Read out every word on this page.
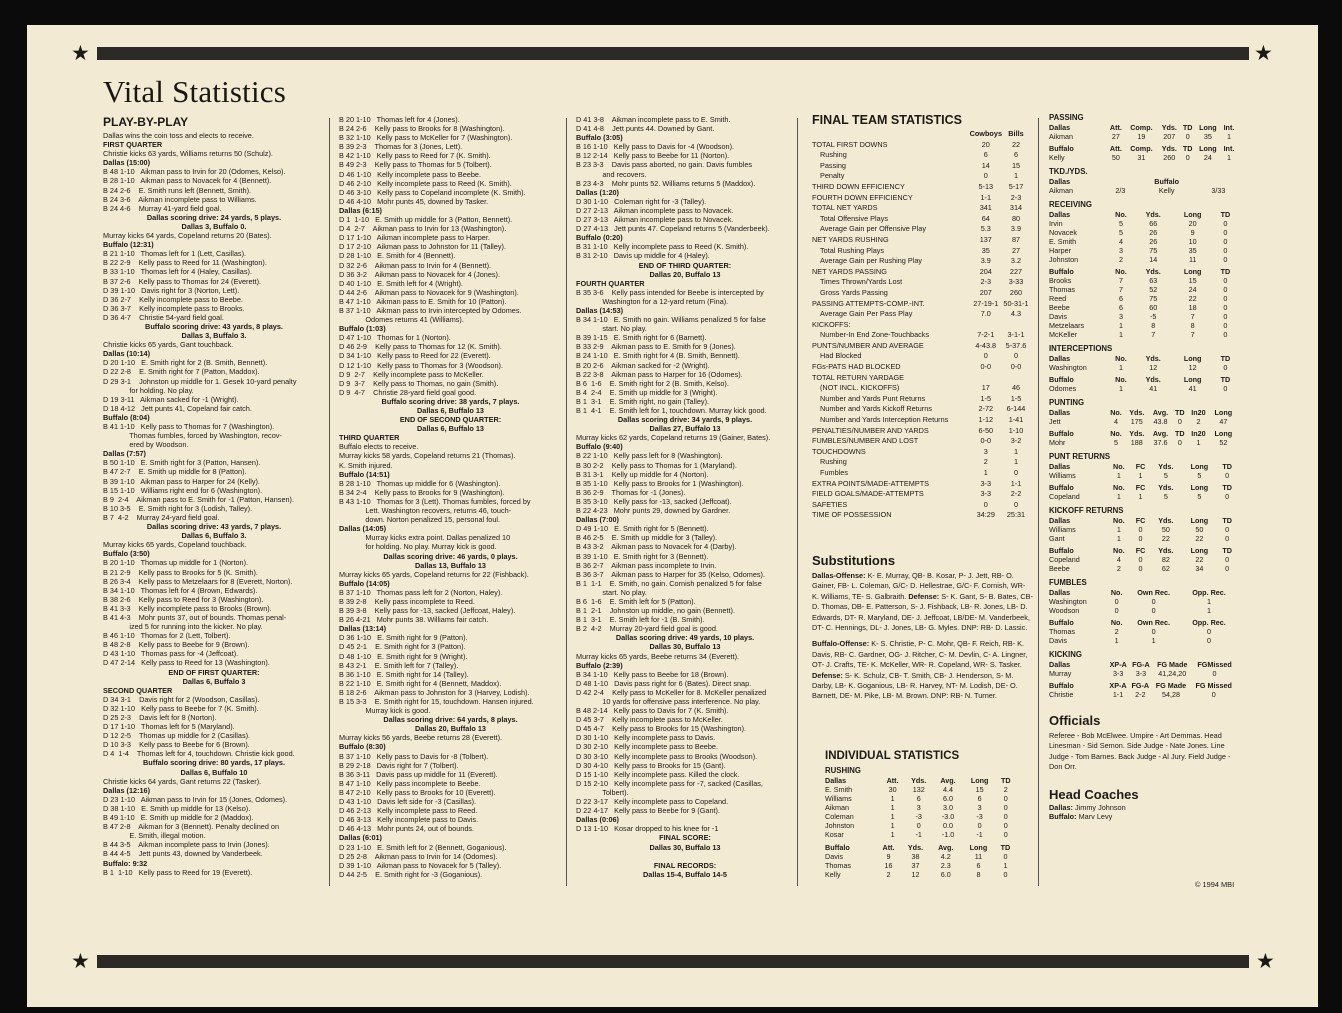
★	★
★	★
Vital Statistics
PLAY-BY-PLAY
Dallas wins the coin toss and elects to receive.
FIRST QUARTER
Christie kicks 63 yards, Williams returns 50 (Schulz).
Dallas (15:00)
B 48 1-10   Aikman pass to Irvin for 20 (Odomes, Kelso).
B 28 1-10   Aikman pass to Novacek for 4 (Bennett).
B 24 2-6    E. Smith runs left (Bennett, Smith).
B 24 3-6    Aikman incomplete pass to Williams.
B 24 4-6    Murray 41-yard field goal.
Dallas scoring drive: 24 yards, 5 plays.
Dallas 3, Buffalo 0.
Murray kicks 64 yards, Copeland returns 20 (Bates).
Buffalo (12:31)
B 21 1-10   Thomas left for 1 (Lett, Casillas).
B 22 2-9    Kelly pass to Reed for 11 (Washington).
B 33 1-10   Thomas left for 4 (Haley, Casillas).
B 37 2-6    Kelly pass to Thomas for 24 (Everett).
D 39 1-10   Davis right for 3 (Norton, Lett).
D 36 2-7    Kelly incomplete pass to Beebe.
D 36 3-7    Kelly incomplete pass to Brooks.
D 36 4-7    Christie 54-yard field goal.
Buffalo scoring drive: 43 yards, 8 plays.
Dallas 3, Buffalo 3.
Christie kicks 65 yards, Gant touchback.
Dallas (10:14)
D 20 1-10   E. Smith right for 2 (B. Smith, Bennett).
D 22 2-8    E. Smith right for 7 (Patton, Maddox).
D 29 3-1    Johnston up middle for 1. Gesek 10-yard penalty
for holding. No play.
D 19 3-11   Aikman sacked for -1 (Wright).
D 18 4-12   Jett punts 41, Copeland fair catch.
Buffalo (8:04)
B 41 1-10   Kelly pass to Thomas for 7 (Washington).
Thomas fumbles, forced by Washington, recov-
ered by Woodson.
Dallas (7:57)
B 50 1-10   E. Smith right for 3 (Patton, Hansen).
B 47 2-7    E. Smith up middle for 8 (Patton).
B 39 1-10   Aikman pass to Harper for 24 (Kelly).
B 15 1-10   Williams right end for 6 (Washington).
B 9  2-4    Aikman pass to E. Smith for -1 (Patton, Hansen).
B 10 3-5    E. Smith right for 3 (Lodish, Talley).
B 7  4-2    Murray 24-yard field goal.
Dallas scoring drive: 43 yards, 7 plays.
Dallas 6, Buffalo 3.
Murray kicks 65 yards, Copeland touchback.
Buffalo (3:50)
B 20 1-10   Thomas up middle for 1 (Norton).
B 21 2-9    Kelly pass to Brooks for 5 (K. Smith).
B 26 3-4    Kelly pass to Metzelaars for 8 (Everett, Norton).
B 34 1-10   Thomas left for 4 (Brown, Edwards).
B 38 2-6    Kelly pass to Reed for 3 (Washington).
B 41 3-3    Kelly incomplete pass to Brooks (Brown).
B 41 4-3    Mohr punts 37, out of bounds. Thomas penal-
ized 5 for running into the kicker. No play.
B 46 1-10   Thomas for 2 (Lett, Tolbert).
B 48 2-8    Kelly pass to Beebe for 9 (Brown).
D 43 1-10   Thomas pass for -4 (Jeffcoat).
D 47 2-14   Kelly pass to Reed for 13 (Washington).
END OF FIRST QUARTER:
Dallas 6, Buffalo 3
SECOND QUARTER
D 34 3-1    Davis right for 2 (Woodson, Casillas).
D 32 1-10   Kelly pass to Beebe for 7 (K. Smith).
D 25 2-3    Davis left for 8 (Norton).
D 17 1-10   Thomas left for 5 (Maryland).
D 12 2-5    Thomas up middle for 2 (Casillas).
D 10 3-3    Kelly pass to Beebe for 6 (Brown).
D 4  1-4    Thomas left for 4, touchdown. Christie kick good.
Buffalo scoring drive: 80 yards, 17 plays.
Dallas 6, Buffalo 10
Christie kicks 64 yards, Gant returns 22 (Tasker).
Dallas (12:16)
D 23 1-10   Aikman pass to Irvin for 15 (Jones, Odomes).
D 38 1-10   E. Smith up middle for 13 (Kelso).
B 49 1-10   E. Smith up middle for 2 (Maddox).
B 47 2-8    Aikman for 3 (Bennett). Penalty declined on
E. Smith, illegal motion.
B 44 3-5    Aikman incomplete pass to Irvin (Jones).
B 44 4-5    Jett punts 43, downed by Vanderbeek.
Buffalo: 9:32
B 1  1-10   Kelly pass to Reed for 19 (Everett).
B 20 1-10   Thomas left for 4 (Jones).
B 24 2-6    Kelly pass to Brooks for 8 (Washington).
B 32 1-10   Kelly pass to McKeller for 7 (Washington).
B 39 2-3    Thomas for 3 (Jones, Lett).
B 42 1-10   Kelly pass to Reed for 7 (K. Smith).
B 49 2-3    Kelly pass to Thomas for 5 (Tolbert).
D 46 1-10   Kelly incomplete pass to Beebe.
D 46 2-10   Kelly incomplete pass to Reed (K. Smith).
D 46 3-10   Kelly pass to Copeland incomplete (K. Smith).
D 46 4-10   Mohr punts 45, downed by Tasker.
Dallas (6:15)
D 1  1-10   E. Smith up middle for 3 (Patton, Bennett).
D 4  2-7    Aikman pass to Irvin for 13 (Washington).
D 17 1-10   Aikman incomplete pass to Harper.
D 17 2-10   Aikman pass to Johnston for 11 (Talley).
D 28 1-10   E. Smith for 4 (Bennett).
D 32 2-6    Aikman pass to Irvin for 4 (Bennett).
D 36 3-2    Aikman pass to Novacek for 4 (Jones).
D 40 1-10   E. Smith left for 4 (Wright).
D 44 2-6    Aikman pass to Novacek for 9 (Washington).
B 47 1-10   Aikman pass to E. Smith for 10 (Patton).
B 37 1-10   Aikman pass to Irvin intercepted by Odomes.
Odomes returns 41 (Williams).
Buffalo (1:03)
D 47 1-10   Thomas for 1 (Norton).
D 46 2-9    Kelly pass to Thomas for 12 (K. Smith).
D 34 1-10   Kelly pass to Reed for 22 (Everett).
D 12 1-10   Kelly pass to Thomas for 3 (Woodson).
D 9  2-7    Kelly incomplete pass to McKeller.
D 9  3-7    Kelly pass to Thomas, no gain (Smith).
D 9  4-7    Christie 28-yard field goal good.
Buffalo scoring drive: 38 yards, 7 plays.
Dallas 6, Buffalo 13
END OF SECOND QUARTER:
Dallas 6, Buffalo 13
THIRD QUARTER
Buffalo elects to receive.
Murray kicks 58 yards, Copeland returns 21 (Thomas).
K. Smith injured.
Buffalo (14:51)
B 28 1-10   Thomas up middle for 6 (Washington).
B 34 2-4    Kelly pass to Brooks for 9 (Washington).
B 43 1-10   Thomas for 3 (Lett). Thomas fumbles, forced by
Lett. Washington recovers, returns 46, touch-
down. Norton penalized 15, personal foul.
Dallas (14:05)
Murray kicks extra point. Dallas penalized 10
for holding. No play. Murray kick is good.
Dallas scoring drive: 46 yards, 0 plays.
Dallas 13, Buffalo 13
Murray kicks 65 yards, Copeland returns for 22 (Fishback).
Buffalo (14:05)
B 37 1-10   Thomas pass left for 2 (Norton, Haley).
B 39 2-8    Kelly pass incomplete to Reed.
B 39 3-8    Kelly pass for -13, sacked (Jeffcoat, Haley).
B 26 4-21   Mohr punts 38. Williams fair catch.
Dallas (13:14)
D 36 1-10   E. Smith right for 9 (Patton).
D 45 2-1    E. Smith right for 3 (Patton).
D 48 1-10   E. Smith right for 9 (Wright).
B 43 2-1    E. Smith left for 7 (Talley).
B 36 1-10   E. Smith right for 14 (Talley).
B 22 1-10   E. Smith right for 4 (Bennett, Maddox).
B 18 2-6    Aikman pass to Johnston for 3 (Harvey, Lodish).
B 15 3-3    E. Smith right for 15, touchdown. Hansen injured.
Murray kick is good.
Dallas scoring drive: 64 yards, 8 plays.
Dallas 20, Buffalo 13
Murray kicks 56 yards, Beebe returns 28 (Everett).
Buffalo (8:30)
B 37 1-10   Kelly pass to Davis for -8 (Tolbert).
B 29 2-18   Davis right for 7 (Tolbert).
B 36 3-11   Davis pass up middle for 11 (Everett).
B 47 1-10   Kelly pass incomplete to Beebe.
B 47 2-10   Kelly pass to Brooks for 10 (Everett).
D 43 1-10   Davis left side for -3 (Casillas).
D 46 2-13   Kelly incomplete pass to Reed.
D 46 3-13   Kelly incomplete pass to Davis.
D 46 4-13   Mohr punts 24, out of bounds.
Dallas (6:01)
D 23 1-10   E. Smith left for 2 (Bennett, Goganious).
D 25 2-8    Aikman pass to Irvin for 14 (Odomes).
D 39 1-10   Aikman pass to Novacek for 5 (Talley).
D 44 2-5    E. Smith right for -3 (Goganious).
D 41 3-8    Aikman incomplete pass to E. Smith.
D 41 4-8    Jett punts 44. Downed by Gant.
Buffalo (3:05)
B 16 1-10   Kelly pass to Davis for -4 (Woodson).
B 12 2-14   Kelly pass to Beebe for 11 (Norton).
B 23 3-3    Davis pass aborted, no gain. Davis fumbles
and recovers.
B 23 4-3    Mohr punts 52. Williams returns 5 (Maddox).
Dallas (1:20)
D 30 1-10   Coleman right for -3 (Talley).
D 27 2-13   Aikman incomplete pass to Novacek.
D 27 3-13   Aikman incomplete pass to Novacek.
D 27 4-13   Jett punts 47. Copeland returns 5 (Vanderbeek).
Buffalo (0:20)
B 31 1-10   Kelly incomplete pass to Reed (K. Smith).
B 31 2-10   Davis up middle for 4 (Haley).
END OF THIRD QUARTER:
Dallas 20, Buffalo 13
FOURTH QUARTER
B 35 3-6    Kelly pass intended for Beebe is intercepted by
Washington for a 12-yard return (Fina).
Dallas (14:53)
B 34 1-10   E. Smith no gain. Williams penalized 5 for false
start. No play.
B 39 1-15   E. Smith right for 6 (Barnett).
B 33 2-9    Aikman pass to E. Smith for 9 (Jones).
B 24 1-10   E. Smith right for 4 (B. Smith, Bennett).
B 20 2-6    Aikman sacked for -2 (Wright).
B 22 3-8    Aikman pass to Harper for 16 (Odomes).
B 6  1-6    E. Smith right for 2 (B. Smith, Kelso).
B 4  2-4    E. Smith up middle for 3 (Wright).
B 1  3-1    E. Smith right, no gain (Talley).
B 1  4-1    E. Smith left for 1, touchdown. Murray kick good.
Dallas scoring drive: 34 yards, 9 plays.
Dallas 27, Buffalo 13
Murray kicks 62 yards, Copeland returns 19 (Gainer, Bates).
Buffalo (9:40)
B 22 1-10   Kelly pass left for 8 (Washington).
B 30 2-2    Kelly pass to Thomas for 1 (Maryland).
B 31 3-1    Kelly up middle for 4 (Norton).
B 35 1-10   Kelly pass to Brooks for 1 (Washington).
B 36 2-9    Thomas for -1 (Jones).
B 35 3-10   Kelly pass for -13, sacked (Jeffcoat).
B 22 4-23   Mohr punts 29, downed by Gardner.
Dallas (7:00)
D 49 1-10   E. Smith right for 5 (Bennett).
B 46 2-5    E. Smith up middle for 3 (Talley).
B 43 3-2    Aikman pass to Novacek for 4 (Darby).
B 39 1-10   E. Smith right for 3 (Bennett).
B 36 2-7    Aikman pass incomplete to Irvin.
B 36 3-7    Aikman pass to Harper for 35 (Kelso, Odomes).
B 1  1-1    E. Smith, no gain. Cornish penalized 5 for false
start. No play.
B 6  1-6    E. Smith left for 5 (Patton).
B 1  2-1    Johnston up middle, no gain (Bennett).
B 1  3-1    E. Smith left for -1 (B. Smith).
B 2  4-2    Murray 20-yard field goal is good.
Dallas scoring drive: 49 yards, 10 plays.
Dallas 30, Buffalo 13
Murray kicks 65 yards, Beebe returns 34 (Everett).
Buffalo (2:39)
B 34 1-10   Kelly pass to Beebe for 18 (Brown).
D 48 1-10   Davis pass right for 6 (Bates). Direct snap.
D 42 2-4    Kelly pass to McKeller for 8. McKeller penalized
10 yards for offensive pass interference. No play.
B 48 2-14   Kelly pass to Davis for 7 (K. Smith).
D 45 3-7    Kelly incomplete pass to McKeller.
D 45 4-7    Kelly pass to Brooks for 15 (Washington).
D 30 1-10   Kelly incomplete pass to Davis.
D 30 2-10   Kelly incomplete pass to Beebe.
D 30 3-10   Kelly incomplete pass to Brooks (Woodson).
D 30 4-10   Kelly pass to Brooks for 15 (Gant).
D 15 1-10   Kelly incomplete pass. Killed the clock.
D 15 2-10   Kelly incomplete pass for -7, sacked (Casillas,
Tolbert).
D 22 3-17   Kelly incomplete pass to Copeland.
D 22 4-17   Kelly pass to Beebe for 9 (Gant).
Dallas (0:06)
D 13 1-10   Kosar dropped to his knee for -1
FINAL SCORE:
Dallas 30, Buffalo 13

FINAL RECORDS:
Dallas 15-4, Buffalo 14-5
FINAL TEAM STATISTICS
	Cowboys	Bills
TOTAL FIRST DOWNS	20	22
Rushing	6	6
Passing	14	15
Penalty	0	1
THIRD DOWN EFFICIENCY	5-13	5-17
FOURTH DOWN EFFICIENCY	1-1	2-3
TOTAL NET YARDS	341	314
Total Offensive Plays	64	80
Average Gain per Offensive Play	5.3	3.9
NET YARDS RUSHING	137	87
Total Rushing Plays	35	27
Average Gain per Rushing Play	3.9	3.2
NET YARDS PASSING	204	227
Times Thrown/Yards Lost	2-3	3-33
Gross Yards Passing	207	260
PASSING ATTEMPTS-COMP.-INT.	27-19-1	50-31-1
Average Gain Per Pass Play	7.0	4.3
KICKOFFS:		
Number-In End Zone-Touchbacks	7-2-1	3-1-1
PUNTS/NUMBER AND AVERAGE	4-43.8	5-37.6
Had Blocked	0	0
FGs-PATS HAD BLOCKED	0-0	0-0
TOTAL RETURN YARDAGE		
(NOT INCL. KICKOFFS)	17	46
Number and Yards Punt Returns	1-5	1-5
Number and Yards Kickoff Returns	2-72	6-144
Number and Yards Interception Returns	1-12	1-41
PENALTIES/NUMBER AND YARDS	6-50	1-10
FUMBLES/NUMBER AND LOST	0-0	3-2
TOUCHDOWNS	3	1
Rushing	2	1
Fumbles	1	0
EXTRA POINTS/MADE-ATTEMPTS	3-3	1-1
FIELD GOALS/MADE-ATTEMPTS	3-3	2-2
SAFETIES	0	0
TIME OF POSSESSION	34:29	25:31
Substitutions

Dallas-Offense: K- E. Murray, QB- B. Kosar, P- J. Jett, RB- O. Gainer, FB- L. Coleman, G/C- D. Hellestrae, G/C- F. Cornish, WR- K. Williams, TE- S. Galbraith. Defense: S- K. Gant, S- B. Bates, CB- D. Thomas, DB- E. Patterson, S- J. Fishback, LB- R. Jones, LB- D. Edwards, DT- R. Maryland, DE- J. Jeffcoat, LB/DE- M. Vanderbeek, DT- C. Hennings, DL- J. Jones, LB- G. Myles. DNP: RB- D. Lassic.

Buffalo-Offense: K- S. Christie, P- C. Mohr, QB- F. Reich, RB- K. Davis, RB- C. Gardner, OG- J. Ritcher, C- M. Devlin, C- A. Lingner, OT- J. Crafts, TE- K. McKeller, WR- R. Copeland, WR- S. Tasker. Defense: S- K. Schulz, CB- T. Smith, CB- J. Henderson, S- M. Darby, LB- K. Goganious, LB- R. Harvey, NT- M. Lodish, DE- O. Barnett, DE- M. Pike, LB- M. Brown. DNP: RB- N. Turner.

INDIVIDUAL STATISTICS
RUSHING
Dallas	Att.	Yds.	Avg.	Long	TD
E. Smith	30	132	4.4	15	2
Williams	1	6	6.0	6	0
Aikman	1	3	3.0	3	0
Coleman	1	-3	-3.0	-3	0
Johnston	1	0	0.0	0	0
Kosar	1	-1	-1.0	-1	0
Buffalo	Att.	Yds.	Avg.	Long	TD
Davis	9	38	4.2	11	0
Thomas	16	37	2.3	6	1
Kelly	2	12	6.0	8	0
PASSING
Dallas	Att.	Comp.	Yds.	TD	Long	Int.
Aikman	27	19	207	0	35	1
Buffalo	Att.	Comp.	Yds.	TD	Long	Int.
Kelly	50	31	260	0	24	1
TKD./YDS.
Dallas			Buffalo	
Aikman	2/3		Kelly	3/33
RECEIVING
Dallas	No.	Yds.	Long	TD
Irvin	5	66	20	0
Novacek	5	26	9	0
E. Smith	4	26	10	0
Harper	3	75	35	0
Johnston	2	14	11	0
Buffalo	No.	Yds.	Long	TD
Brooks	7	63	15	0
Thomas	7	52	24	0
Reed	6	75	22	0
Beebe	6	60	18	0
Davis	3	-5	7	0
Metzelaars	1	8	8	0
McKeller	1	7	7	0
INTERCEPTIONS
Dallas	No.	Yds.	Long	TD
Washington	1	12	12	0
Buffalo	No.	Yds.	Long	TD
Odomes	1	41	41	0
PUNTING
Dallas	No.	Yds.	Avg.	TD	In20	Long
Jett	4	175	43.8	0	2	47
Buffalo	No.	Yds.	Avg.	TD	In20	Long
Mohr	5	188	37.6	0	1	52
PUNT RETURNS
Dallas	No.	FC	Yds.	Long	TD
Williams	1	1	5	5	0
Buffalo	No.	FC	Yds.	Long	TD
Copeland	1	1	5	5	0
KICKOFF RETURNS
Dallas	No.	FC	Yds.	Long	TD
Williams	1	0	50	50	0
Gant	1	0	22	22	0
Buffalo	No.	FC	Yds.	Long	TD
Copeland	4	0	82	22	0
Beebe	2	0	62	34	0
FUMBLES
Dallas	No.		Own Rec.		Opp. Rec.
Washington	0		0		1
Woodson	0		0		1
Buffalo	No.		Own Rec.		Opp. Rec.
Thomas	2		0		0
Davis	1		1		0
KICKING
Dallas		XP-A	FG-A	FG Made	FGMissed
Murray		3-3	3-3	41,24,20	0
Buffalo		XP-A	FG-A	FG Made	FG Missed
Christie		1-1	2-2	54,28	0
Officials

Referee - Bob McElwee. Umpire - Art Demmas. Head Linesman - Sid Semon. Side Judge - Nate Jones. Line Judge - Tom Barnes. Back Judge - Al Jury. Field Judge - Don Orr.

Head Coaches
Dallas: Jimmy Johnson
Buffalo: Marv Levy
© 1994 MBI
